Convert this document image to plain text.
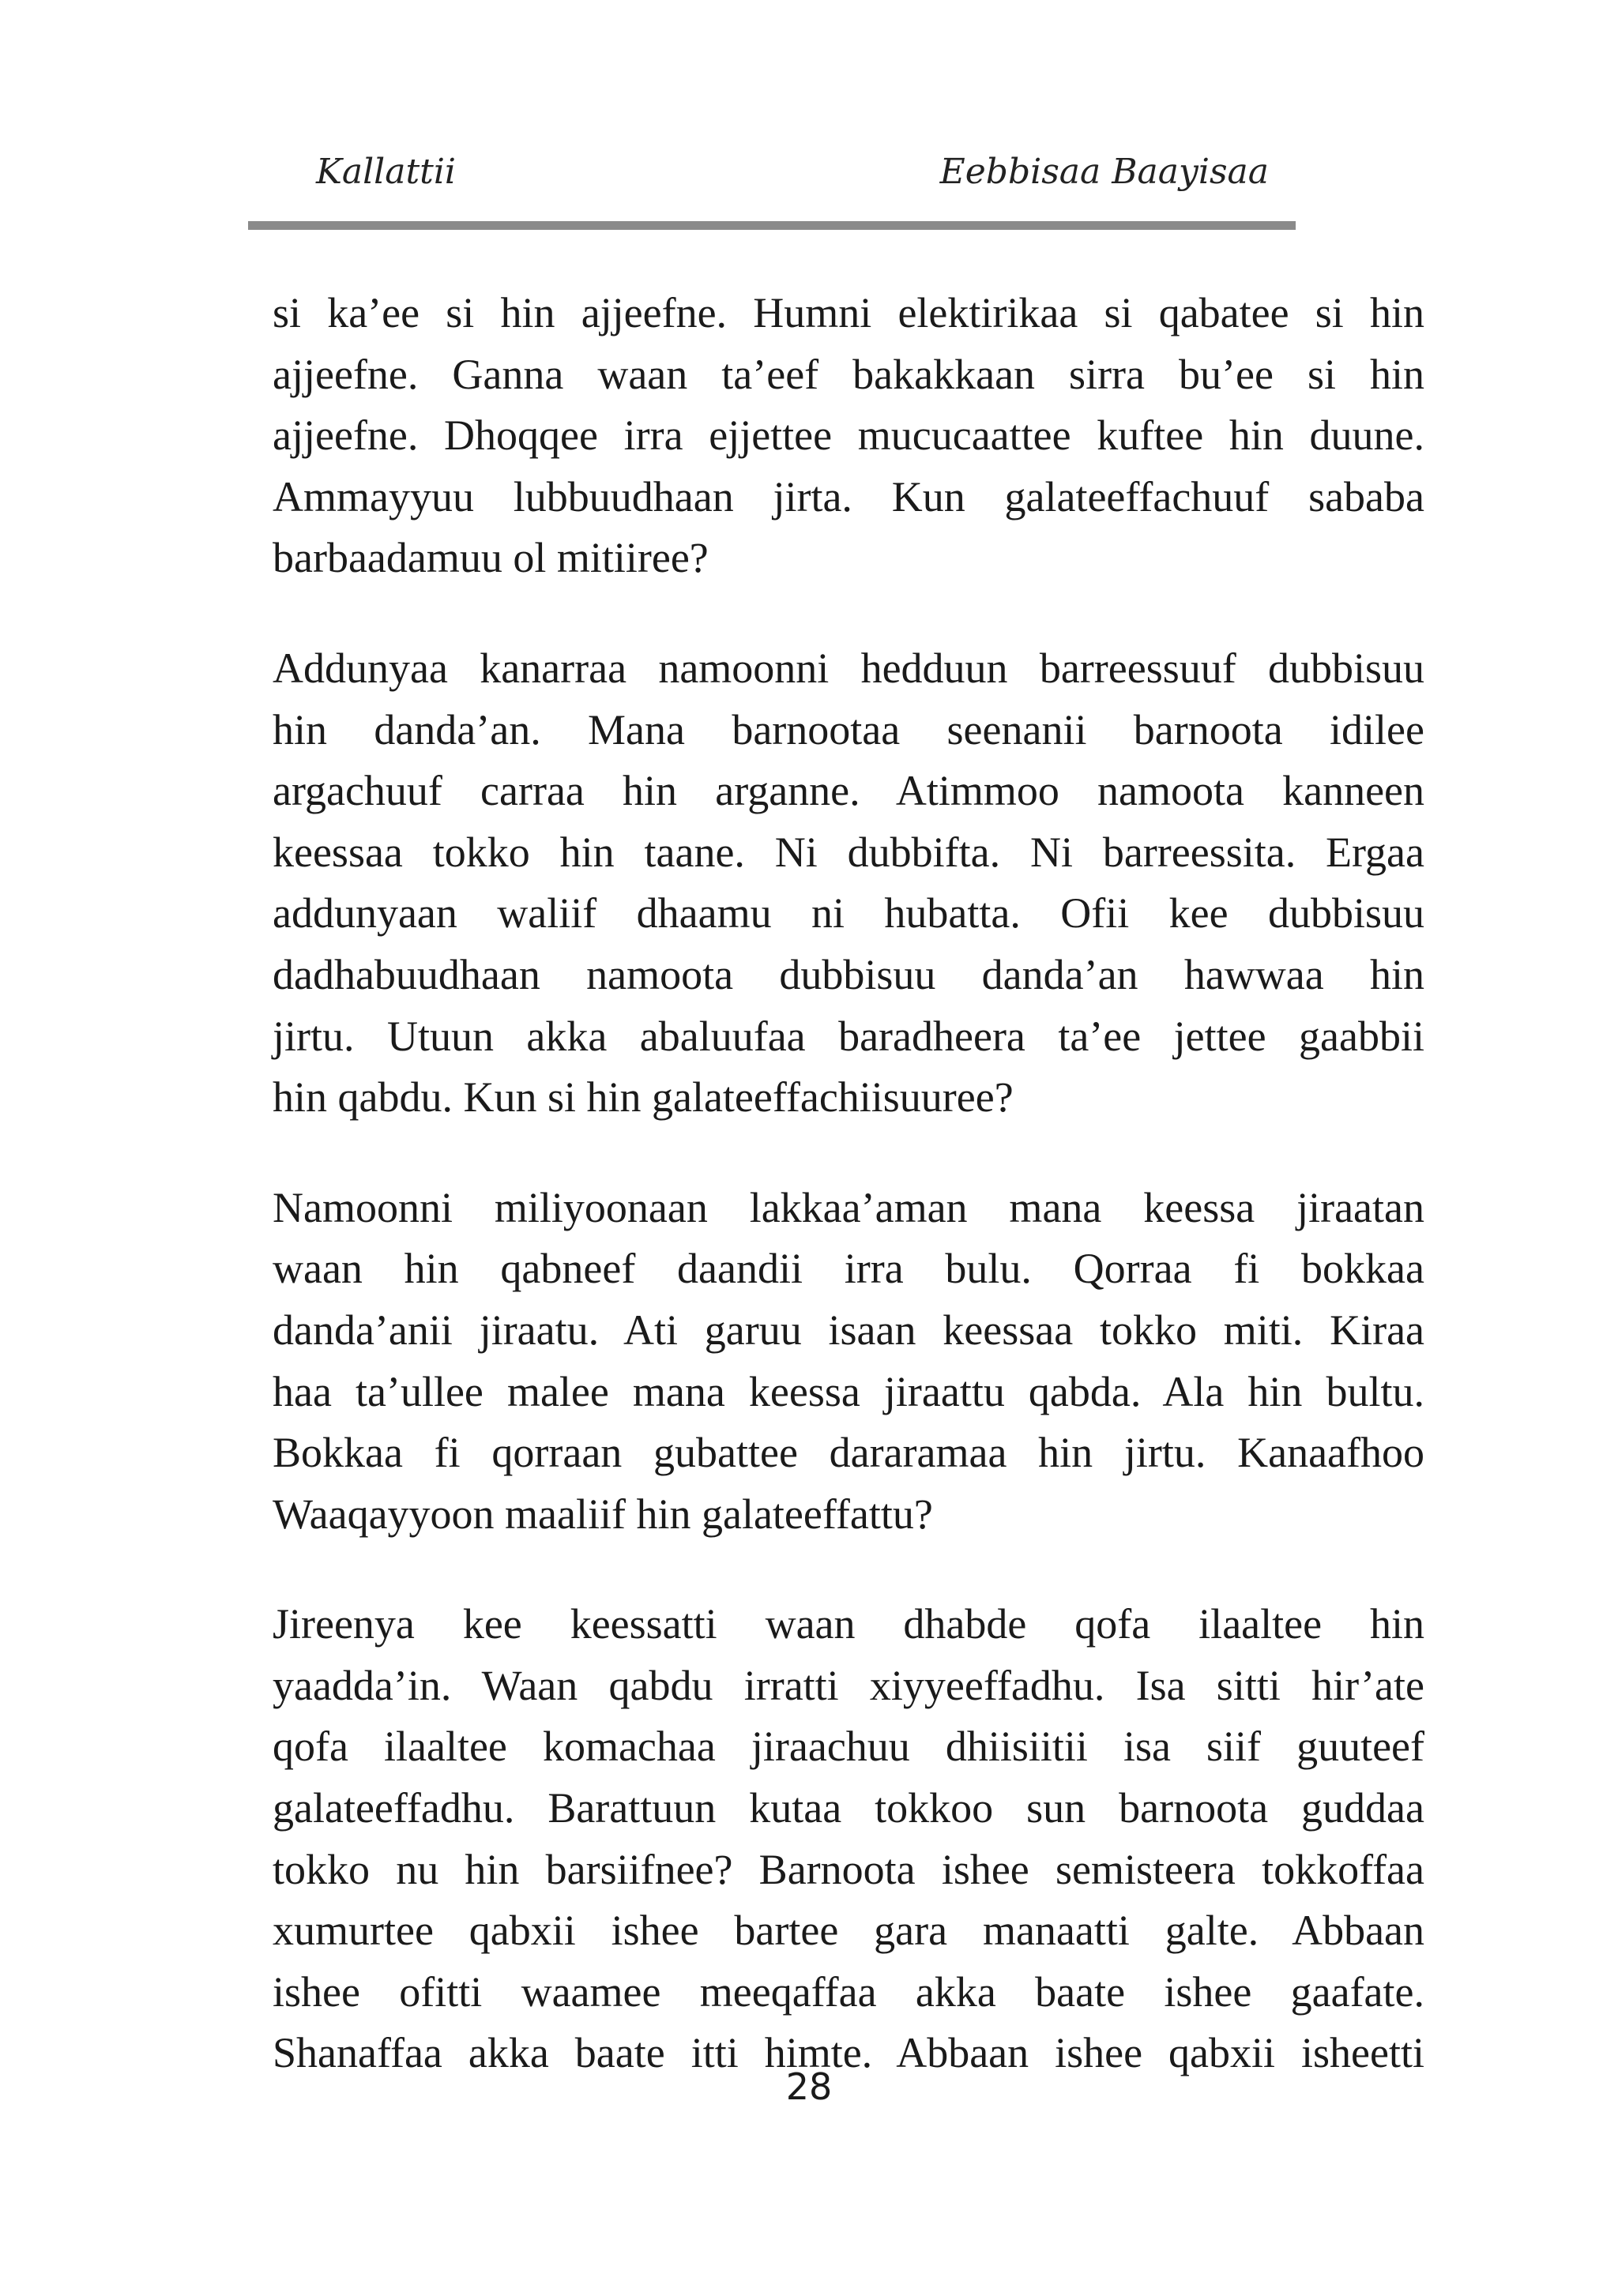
Kallattii	Eebbisaa Baayisaa

si ka’ee si hin ajjeefne. Humni elektirikaa si qabatee si hin
ajjeefne. Ganna waan ta’eef bakakkaan sirra bu’ee si hin
ajjeefne. Dhoqqee irra ejjettee mucucaattee kuftee hin duune.
Ammayyuu lubbuudhaan jirta. Kun galateeffachuuf sababa
barbaadamuu ol mitiiree?

Addunyaa kanarraa namoonni hedduun barreessuuf dubbisuu
hin danda’an. Mana barnootaa seenanii barnoota idilee
argachuuf carraa hin arganne. Atimmoo namoota kanneen
keessaa tokko hin taane. Ni dubbifta. Ni barreessita. Ergaa
addunyaan waliif dhaamu ni hubatta. Ofii kee dubbisuu
dadhabuudhaan namoota dubbisuu danda’an hawwaa hin
jirtu. Utuun akka abaluufaa baradheera ta’ee jettee gaabbii
hin qabdu. Kun si hin galateeffachiisuuree?

Namoonni miliyoonaan lakkaa’aman mana keessa jiraatan
waan hin qabneef daandii irra bulu. Qorraa fi bokkaa
danda’anii jiraatu. Ati garuu isaan keessaa tokko miti. Kiraa
haa ta’ullee malee mana keessa jiraattu qabda. Ala hin bultu.
Bokkaa fi qorraan gubattee dararamaa hin jirtu. Kanaafhoo
Waaqayyoon maaliif hin galateeffattu?

Jireenya kee keessatti waan dhabde qofa ilaaltee hin
yaadda’in. Waan qabdu irratti xiyyeeffadhu. Isa sitti hir’ate
qofa ilaaltee komachaa jiraachuu dhiisiitii isa siif guuteef
galateeffadhu. Barattuun kutaa tokkoo sun barnoota guddaa
tokko nu hin barsiifnee? Barnoota ishee semisteera tokkoffaa
xumurtee qabxii ishee bartee gara manaatti galte. Abbaan
ishee ofitti waamee meeqaffaa akka baate ishee gaafate.
Shanaffaa akka baate itti himte. Abbaan ishee qabxii isheetti

28
